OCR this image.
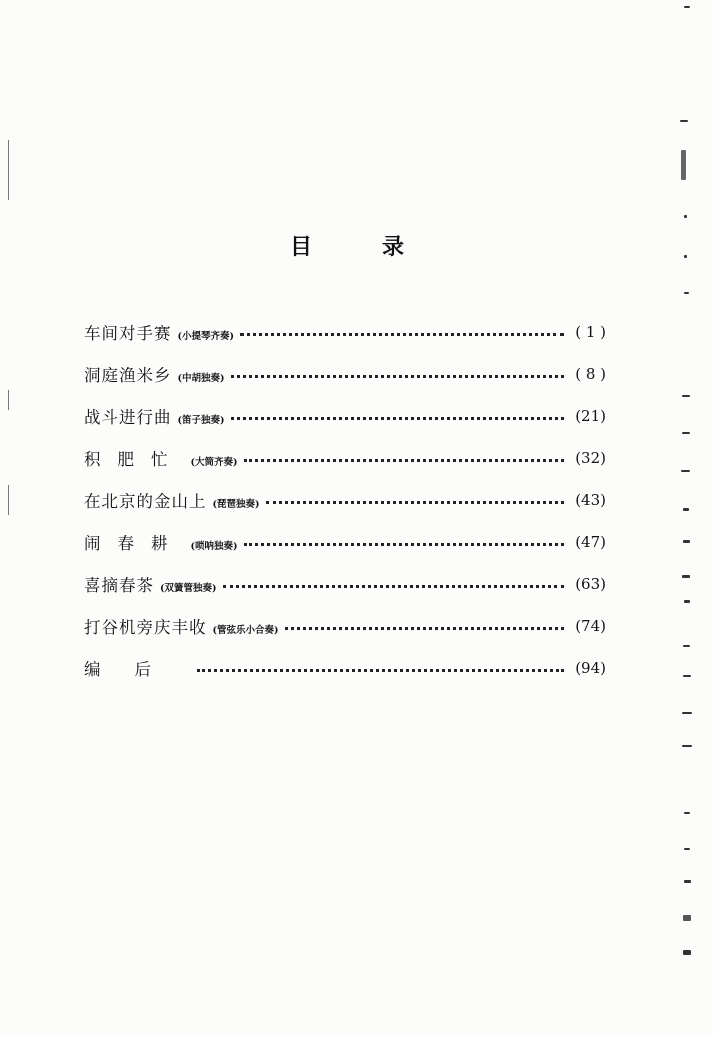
目	录
车间对手赛 (小提琴齐奏)	( 1 )
洞庭渔米乡 (中胡独奏)	( 8 )
战斗进行曲 (笛子独奏)	(21)
积肥忙 (大筒齐奏)	(32)
在北京的金山上 (琵琶独奏)	(43)
闹春耕 (唢呐独奏)	(47)
喜摘春茶 (双簧管独奏)	(63)
打谷机旁庆丰收 (管弦乐小合奏)	(74)
编后	(94)
